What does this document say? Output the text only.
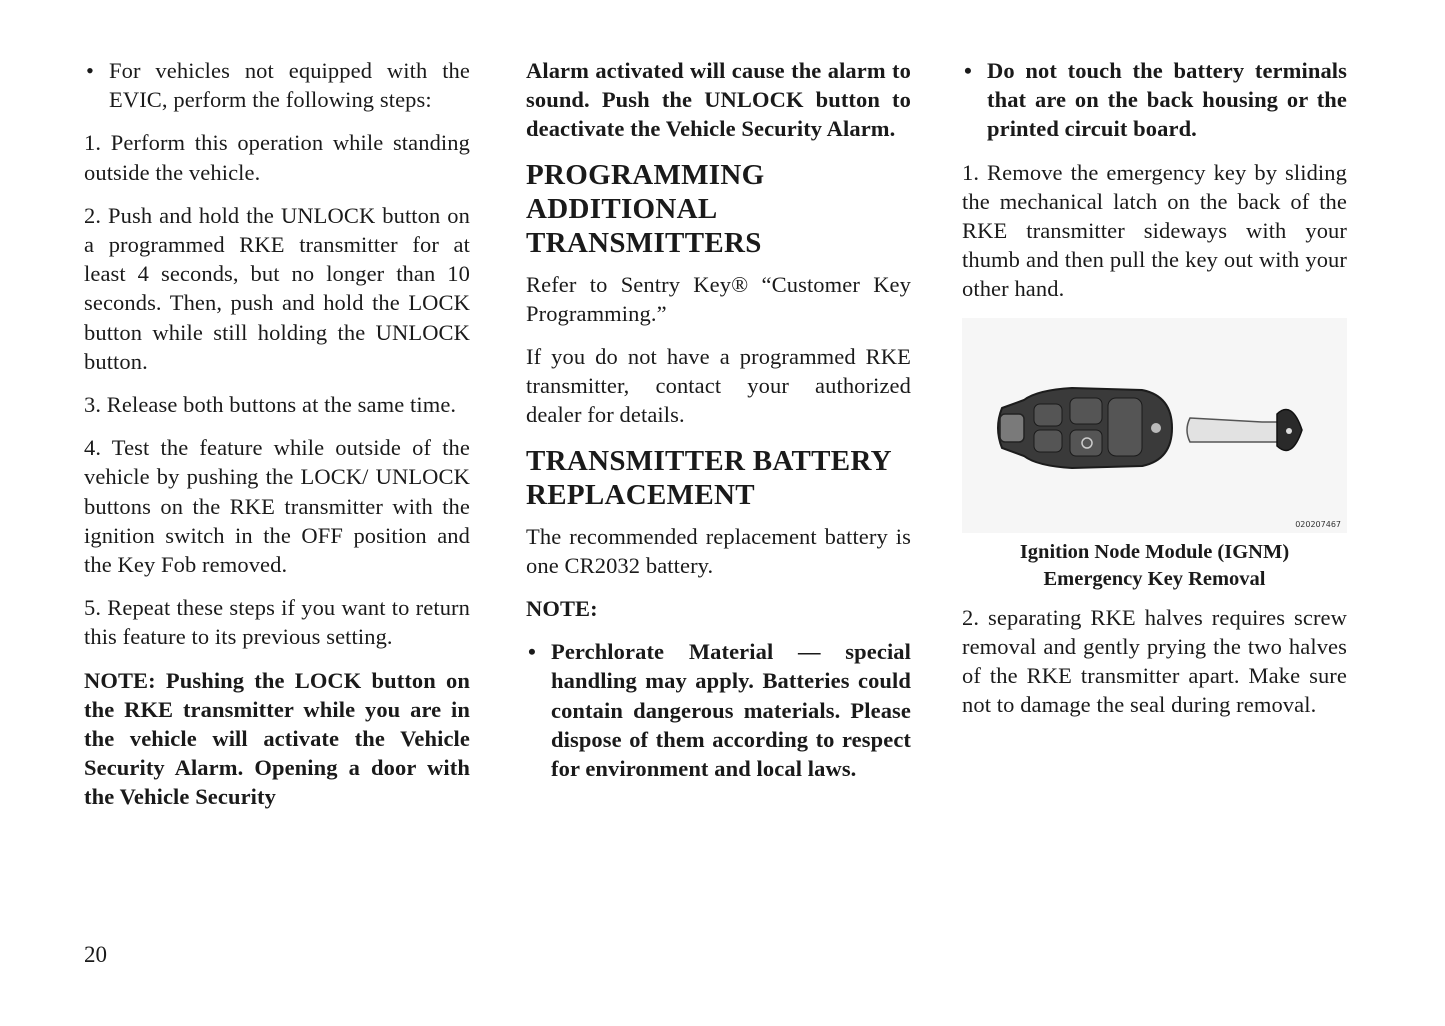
• For vehicles not equipped with the EVIC, perform the following steps:

1. Perform this operation while standing outside the vehicle.

2. Push and hold the UNLOCK button on a programmed RKE transmitter for at least 4 seconds, but no longer than 10 seconds. Then, push and hold the LOCK button while still holding the UNLOCK button.

3. Release both buttons at the same time.

4. Test the feature while outside of the vehicle by pushing the LOCK/ UNLOCK buttons on the RKE transmitter with the ignition switch in the OFF position and the Key Fob removed.

5. Repeat these steps if you want to return this feature to its previous setting.

NOTE: Pushing the LOCK button on the RKE transmitter while you are in the vehicle will activate the Vehicle Security Alarm. Opening a door with the Vehicle Security

Alarm activated will cause the alarm to sound. Push the UNLOCK button to deactivate the Vehicle Security Alarm.

PROGRAMMING ADDITIONAL TRANSMITTERS

Refer to Sentry Key® “Customer Key Programming.”

If you do not have a programmed RKE transmitter, contact your authorized dealer for details.

TRANSMITTER BATTERY REPLACEMENT

The recommended replacement battery is one CR2032 battery.

NOTE:

• Perchlorate Material — special handling may apply. Batteries could contain dangerous materials. Please dispose of them according to respect for environment and local laws.

• Do not touch the battery terminals that are on the back housing or the printed circuit board.

1. Remove the emergency key by sliding the mechanical latch on the back of the RKE transmitter sideways with your thumb and then pull the key out with your other hand.

020207467
Ignition Node Module (IGNM)
Emergency Key Removal

2. separating RKE halves requires screw removal and gently prying the two halves of the RKE transmitter apart. Make sure not to damage the seal during removal.

20
